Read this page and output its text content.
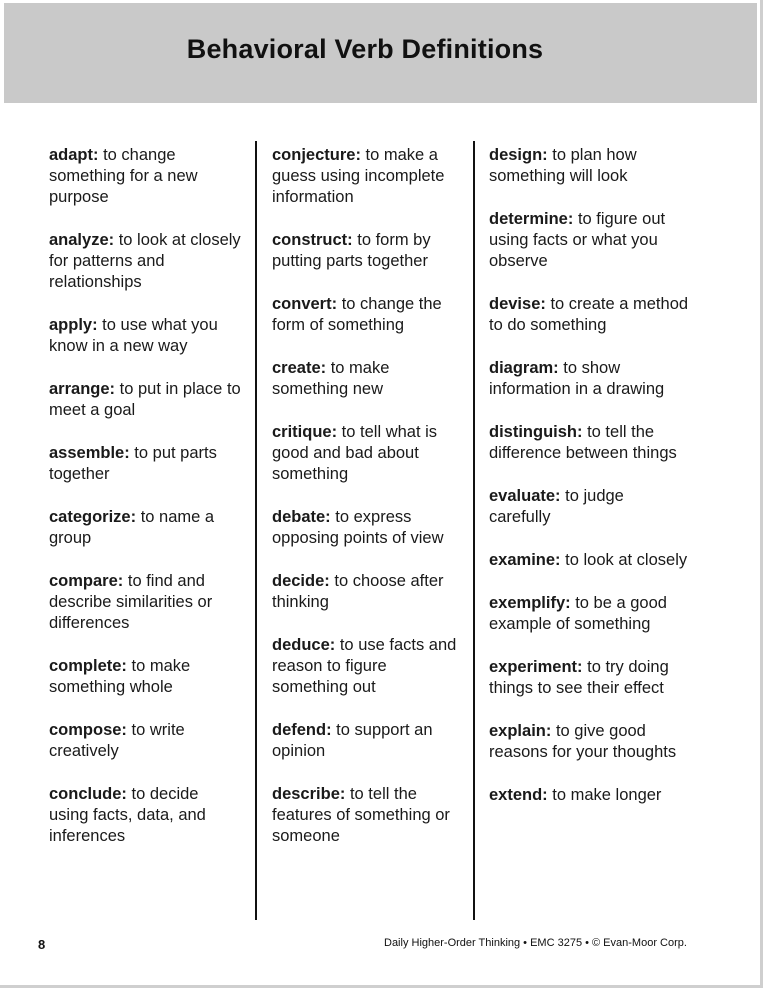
Behavioral Verb Definitions
adapt: to change something for a new purpose
analyze: to look at closely for patterns and relationships
apply: to use what you know in a new way
arrange: to put in place to meet a goal
assemble: to put parts together
categorize: to name a group
compare: to find and describe similarities or differences
complete: to make something whole
compose: to write creatively
conclude: to decide using facts, data, and inferences
conjecture: to make a guess using incomplete information
construct: to form by putting parts together
convert: to change the form of something
create: to make something new
critique: to tell what is good and bad about something
debate: to express opposing points of view
decide: to choose after thinking
deduce: to use facts and reason to figure something out
defend: to support an opinion
describe: to tell the features of something or someone
design: to plan how something will look
determine: to figure out using facts or what you observe
devise: to create a method to do something
diagram: to show information in a drawing
distinguish: to tell the difference between things
evaluate: to judge carefully
examine: to look at closely
exemplify: to be a good example of something
experiment: to try doing things to see their effect
explain: to give good reasons for your thoughts
extend: to make longer
8	Daily Higher-Order Thinking • EMC 3275 • © Evan-Moor Corp.
